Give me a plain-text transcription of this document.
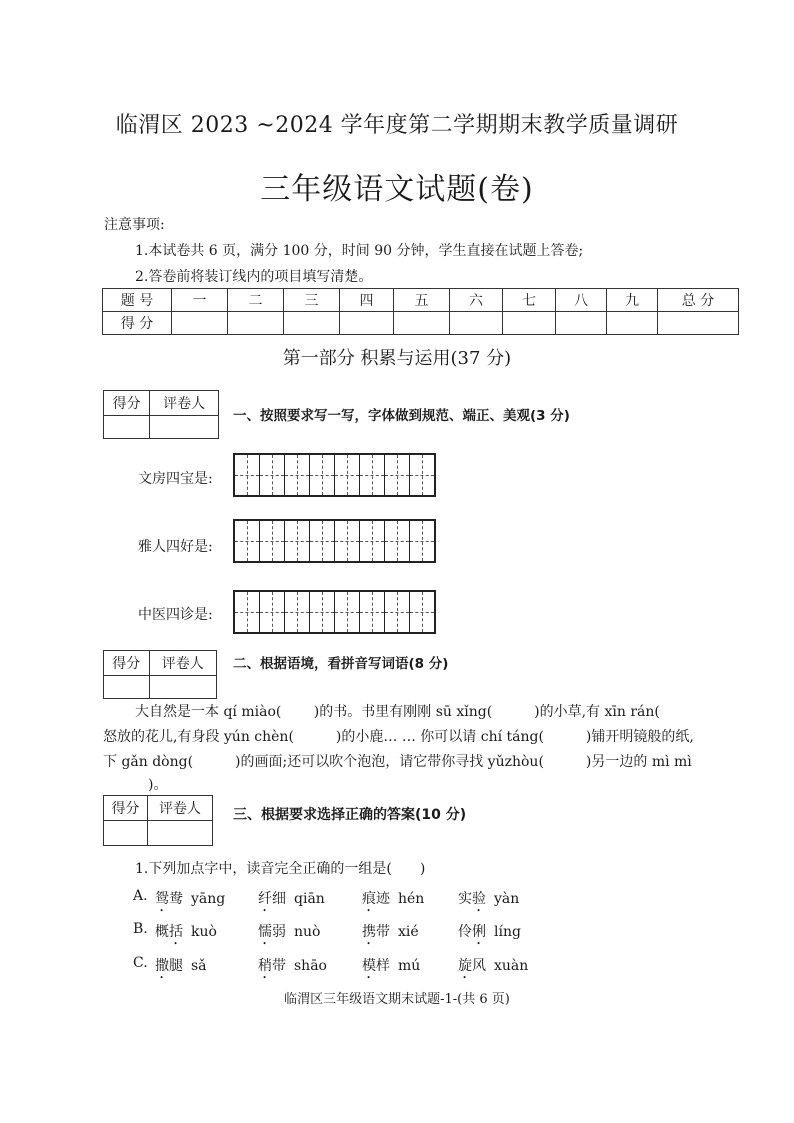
临渭区 2023 ~2024 学年度第二学期期末教学质量调研
三年级语文试题(卷)
注意事项:
1.本试卷共 6 页，满分 100 分，时间 90 分钟，学生直接在试题上答卷;
2.答卷前将装订线内的项目填写清楚。
题 号	一	二	三	四	五	六	七	八	九	总 分
得 分										
第一部分 积累与运用(37 分)
得分	评卷人

一、按照要求写一写，字体做到规范、端正、美观(3 分)
文房四宝是:
雅人四好是:
中医四诊是:
得分	评卷人
	二、根据语境，看拼音写词语(8 分)
大自然是一本 qí miào(　　 )的书。书里有刚刚 sū xǐng(　　　)的小草,有 xīn rán(
怒放的花儿,有身段 yún chèn(　　　)的小鹿… … 你可以请 chí táng(　　　)铺开明镜般的纸,
下 gǎn dòng(　　　)的画面;还可以吹个泡泡，请它带你寻找 yǔzhòu(　　　)另一边的 mì mì
)。
得分	评卷人
	三、根据要求选择正确的答案(10 分)
1.下列加点字中，读音完全正确的一组是(　　)
A. 鸳鸯 yāng 纤细 qiān	痕迹 hén 实验 yàn
B. 概括 kuò	懦弱 nuò	携带 xié	伶俐 líng
C. 撒腿 sǎ	稍带 shāo	模样 mú	旋风 xuàn
临渭区三年级语文期末试题-1-(共 6 页)
